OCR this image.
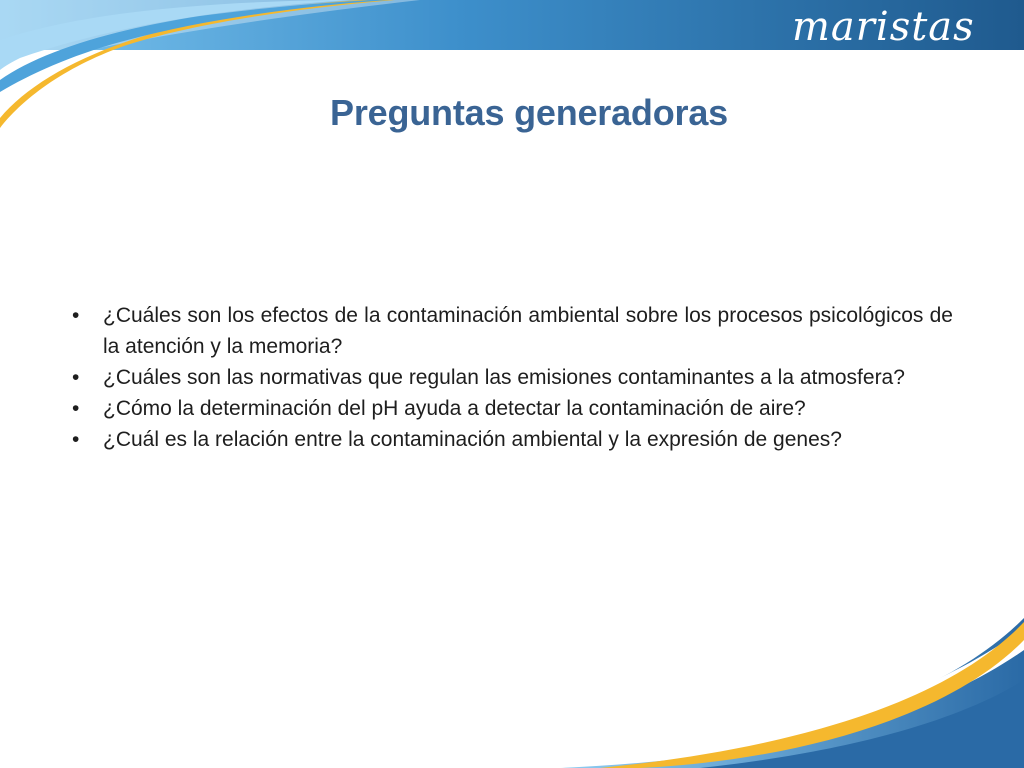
maristas
Preguntas generadoras
•	¿Cuáles son los efectos de la contaminación ambiental sobre los procesos psicológicos de la atención y la memoria?
•	¿Cuáles son las normativas que regulan las emisiones contaminantes a la atmosfera?
•	¿Cómo la determinación del pH ayuda a detectar la contaminación de aire?
•	¿Cuál es la relación entre la contaminación ambiental y la expresión de genes?
